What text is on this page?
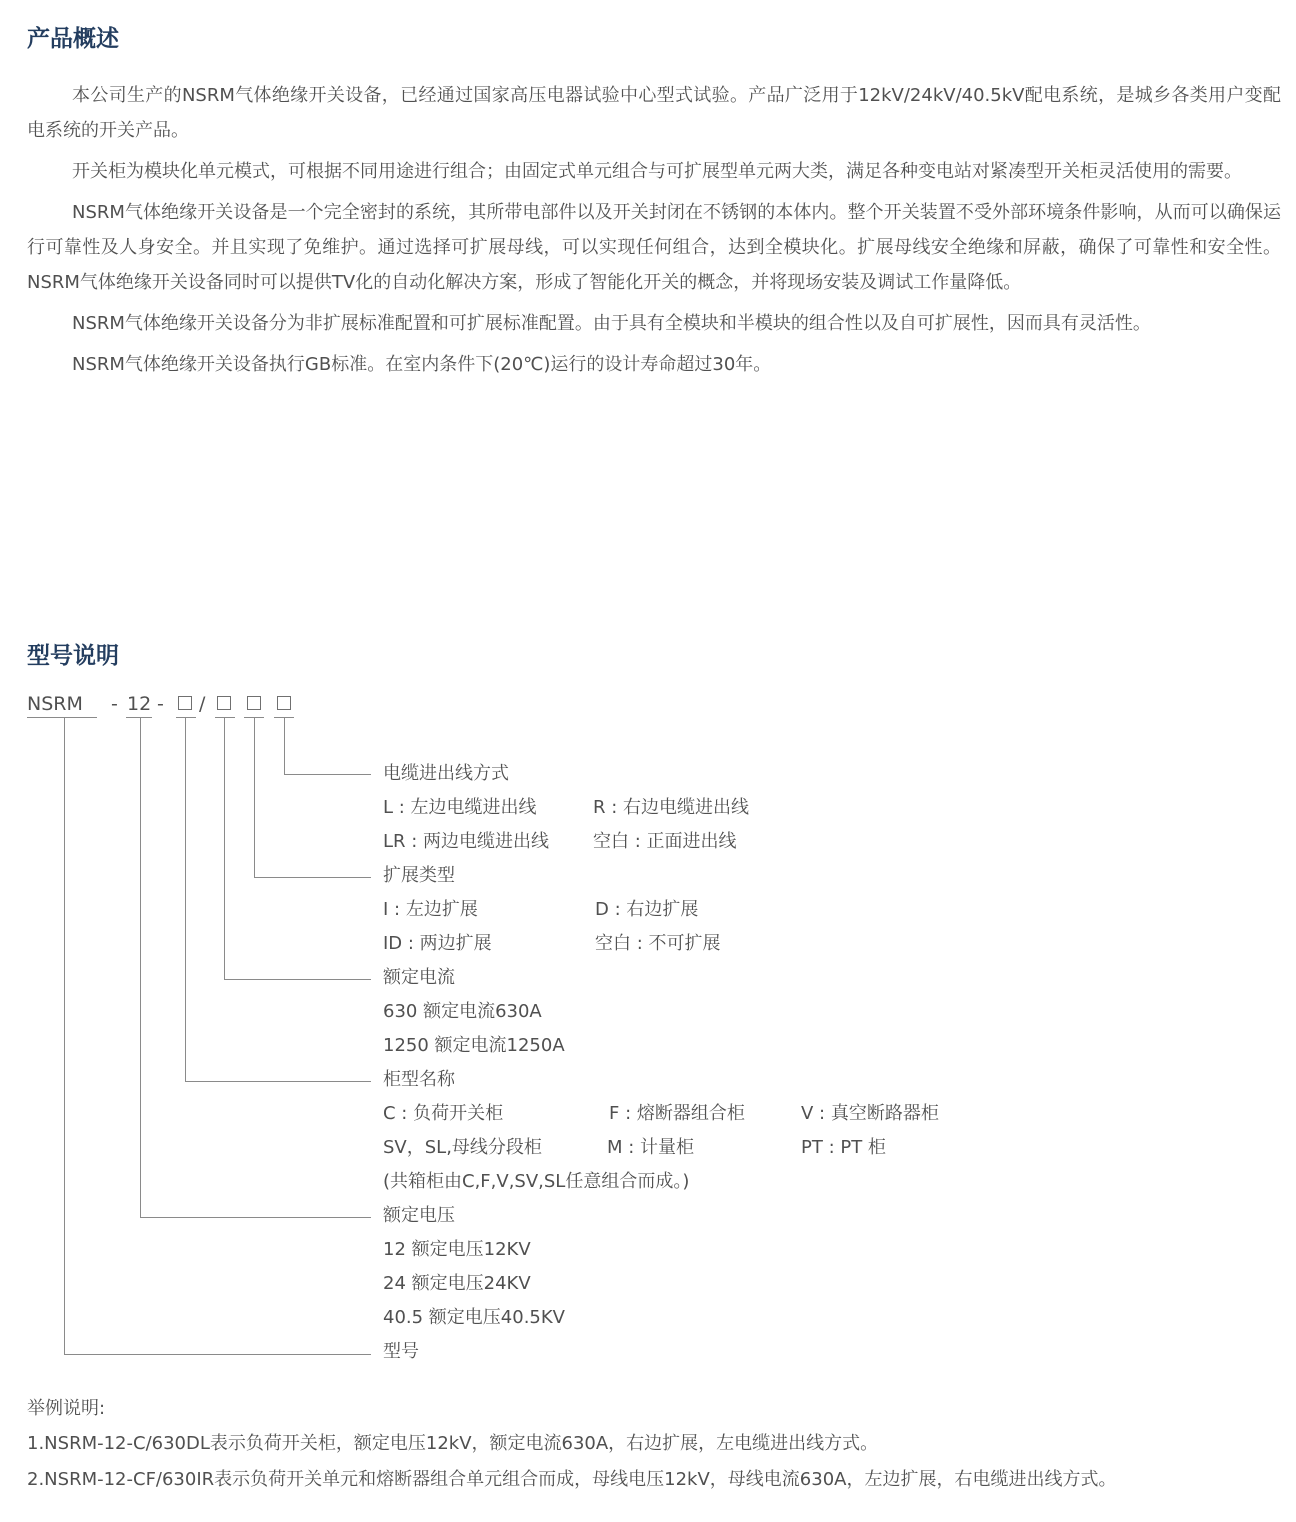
产品概述

本公司生产的NSRM气体绝缘开关设备，已经通过国家高压电器试验中心型式试验。产品广泛用于12kV/24kV/40.5kV配电系统，是城乡各类用户变配电系统的开关产品。

开关柜为模块化单元模式，可根据不同用途进行组合；由固定式单元组合与可扩展型单元两大类，满足各种变电站对紧凑型开关柜灵活使用的需要。

NSRM气体绝缘开关设备是一个完全密封的系统，其所带电部件以及开关封闭在不锈钢的本体内。整个开关装置不受外部环境条件影响，从而可以确保运行可靠性及人身安全。并且实现了免维护。通过选择可扩展母线，可以实现任何组合，达到全模块化。扩展母线安全绝缘和屏蔽，确保了可靠性和安全性。NSRM气体绝缘开关设备同时可以提供TV化的自动化解决方案，形成了智能化开关的概念，并将现场安装及调试工作量降低。

NSRM气体绝缘开关设备分为非扩展标准配置和可扩展标准配置。由于具有全模块和半模块的组合性以及自可扩展性，因而具有灵活性。

NSRM气体绝缘开关设备执行GB标准。在室内条件下(20℃)运行的设计寿命超过30年。

型号说明
NSRM - 12 - /
电缆进出线方式
L : 左边电缆进出线	R : 右边电缆进出线
LR : 两边电缆进出线 空白 : 正面进出线
扩展类型
I : 左边扩展	D : 右边扩展
ID : 两边扩展	空白 : 不可扩展
额定电流
630 额定电流630A
1250 额定电流1250A
柜型名称
C : 负荷开关柜	F : 熔断器组合柜	V : 真空断路器柜
SV，SL,母线分段柜	M : 计量柜	PT : PT 柜
(共箱柜由C,F,V,SV,SL任意组合而成。)
额定电压
12 额定电压12KV
24 额定电压24KV
40.5 额定电压40.5KV
型号
举例说明:
1.NSRM-12-C/630DL表示负荷开关柜，额定电压12kV，额定电流630A，右边扩展，左电缆进出线方式。
2.NSRM-12-CF/630IR表示负荷开关单元和熔断器组合单元组合而成，母线电压12kV，母线电流630A，左边扩展，右电缆进出线方式。
